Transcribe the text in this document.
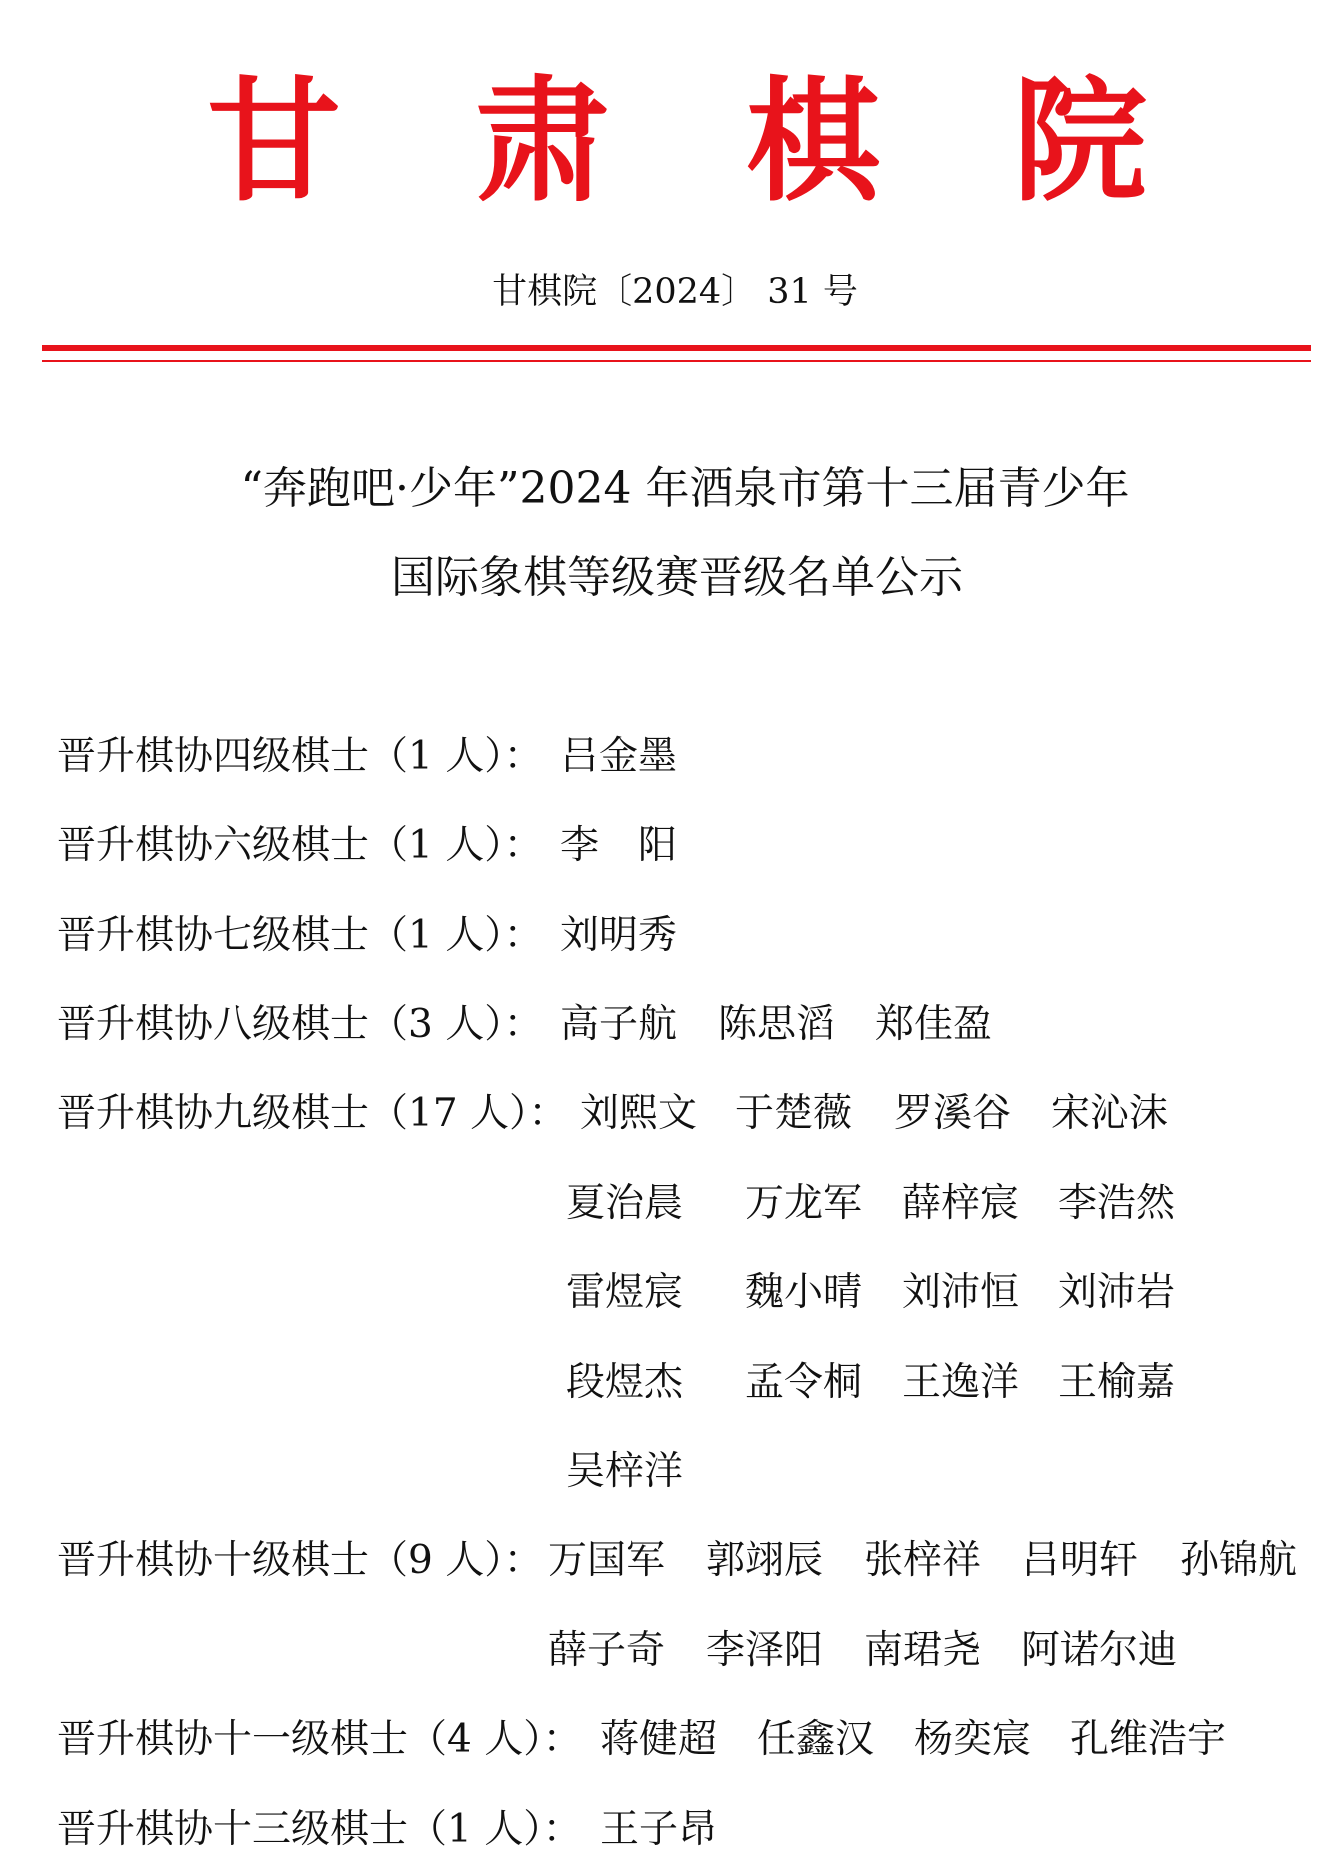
甘 肃 棋 院
甘棋院〔2024〕 31 号
“奔跑吧·少年”2024 年酒泉市第十三届青少年
国际象棋等级赛晋级名单公示
晋升棋协四级棋士（1 人）： 吕金墨
晋升棋协六级棋士（1 人）： 李　阳
晋升棋协七级棋士（1 人）： 刘明秀
晋升棋协八级棋士（3 人）： 高子航 陈思滔 郑佳盈
晋升棋协九级棋士（17 人）： 刘熙文 于楚薇 罗溪谷 宋沁沫
夏治晨 万龙军 薛梓宸 李浩然
雷煜宸 魏小晴 刘沛恒 刘沛岩
段煜杰 孟令桐 王逸洋 王榆嘉
吴梓洋
晋升棋协十级棋士（9 人）： 万国军 郭翊辰 张梓祥 吕明轩 孙锦航
薛子奇 李泽阳 南珺尧 阿诺尔迪
晋升棋协十一级棋士（4 人）： 蒋健超 任鑫汉 杨奕宸 孔维浩宇
晋升棋协十三级棋士（1 人）： 王子昂
